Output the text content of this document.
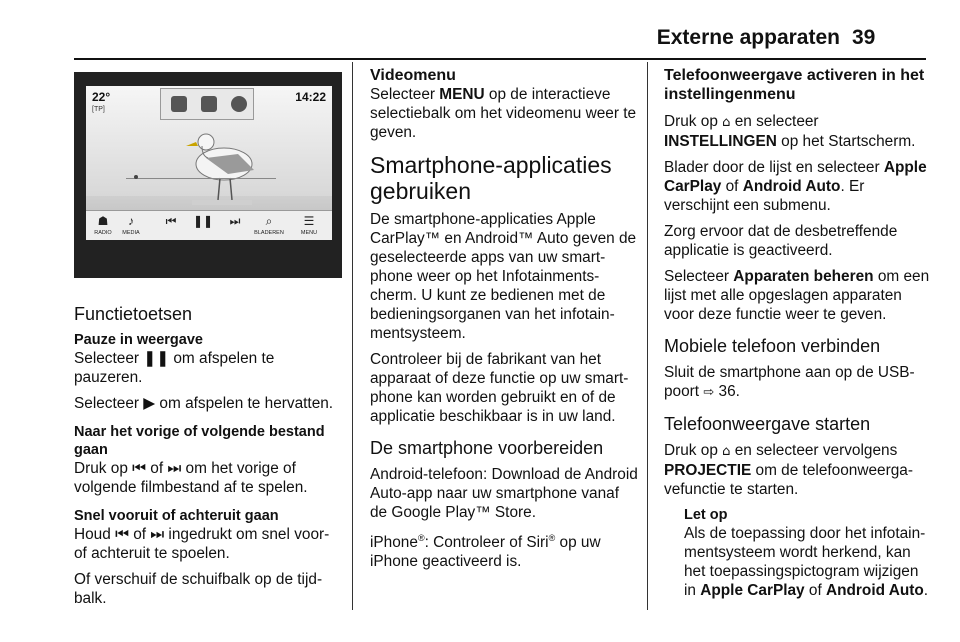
Externe apparaten 39
22°
[TP]
14:22
☗
RADIO
♪
MEDIA
⏮	❚❚	⏭	⌕
BLADEREN
☰
MENU
Functietoetsen
Pauze in weergave

Selecteer ❚❚ om afspelen te pauzeren.

Selecteer ▶ om afspelen te hervatten.

Naar het vorige of volgende bestand gaan

Druk op ⏮ of ⏭ om het vorige of volgende filmbestand af te spelen.

Snel vooruit of achteruit gaan

Houd ⏮ of ⏭ ingedrukt om snel voor- of achteruit te spoelen.

Of verschuif de schuifbalk op de tijdbalk.

Videomenu

Selecteer MENU op de interactieve selectiebalk om het videomenu weer te geven.

Smartphone-applicaties gebruiken

De smartphone-applicaties Apple CarPlay™ en Android™ Auto geven de geselecteerde apps van uw smartphone weer op het Infotainmentscherm. U kunt ze bedienen met de bedieningsorganen van het infotainmentsysteem.

Controleer bij de fabrikant van het apparaat of deze functie op uw smartphone kan worden gebruikt en of de applicatie beschikbaar is in uw land.

De smartphone voorbereiden

Android-telefoon: Download de Android Auto-app naar uw smartphone vanaf de Google Play™ Store.

iPhone®: Controleer of Siri® op uw iPhone geactiveerd is.

Telefoonweergave activeren in het instellingenmenu

Druk op ⌂ en selecteer INSTELLINGEN op het Startscherm.

Blader door de lijst en selecteer Apple CarPlay of Android Auto. Er verschijnt een submenu.

Zorg ervoor dat de desbetreffende applicatie is geactiveerd.

Selecteer Apparaten beheren om een lijst met alle opgeslagen apparaten voor deze functie weer te geven.

Mobiele telefoon verbinden

Sluit de smartphone aan op de USB-poort ⇨ 36.

Telefoonweergave starten

Druk op ⌂ en selecteer vervolgens PROJECTIE om de telefoonweergavefunctie te starten.

Let op

Als de toepassing door het infotainmentsysteem wordt herkend, kan het toepassingspictogram wijzigen in Apple CarPlay of Android Auto.
